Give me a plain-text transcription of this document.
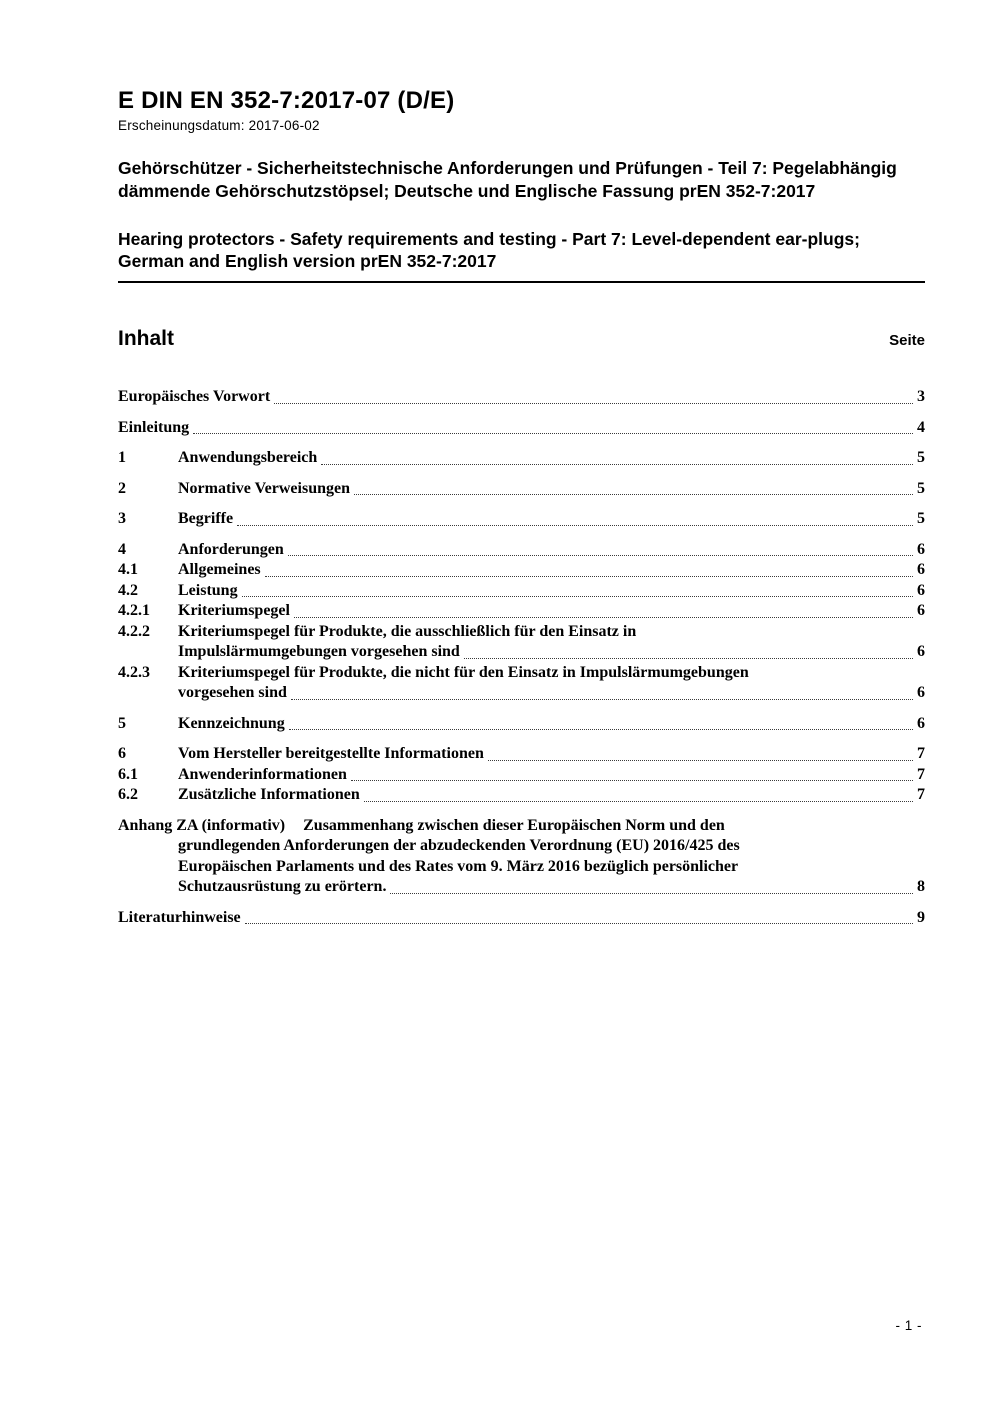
E DIN EN 352-7:2017-07 (D/E)
Erscheinungsdatum: 2017-06-02
Gehörschützer - Sicherheitstechnische Anforderungen und Prüfungen - Teil 7: Pegelabhängig dämmende Gehörschutzstöpsel; Deutsche und Englische Fassung prEN 352-7:2017
Hearing protectors - Safety requirements and testing - Part 7: Level-dependent ear-plugs; German and English version prEN 352-7:2017
Inhalt	Seite
Europäisches Vorwort	3
Einleitung	4
1	Anwendungsbereich	5
2	Normative Verweisungen	5
3	Begriffe	5
4	Anforderungen	6
4.1	Allgemeines	6
4.2	Leistung	6
4.2.1	Kriteriumspegel	6
4.2.2	Kriteriumspegel für Produkte, die ausschließlich für den Einsatz in
Impulslärmumgebungen vorgesehen sind	6
4.2.3	Kriteriumspegel für Produkte, die nicht für den Einsatz in Impulslärmumgebungen
vorgesehen sind	6
5	Kennzeichnung	6
6	Vom Hersteller bereitgestellte Informationen	7
6.1	Anwenderinformationen	7
6.2	Zusätzliche Informationen	7
Anhang ZA (informativ)	Zusammenhang zwischen dieser Europäischen Norm und den
grundlegenden Anforderungen der abzudeckenden Verordnung (EU) 2016/425 des
Europäischen Parlaments und des Rates vom 9. März 2016 bezüglich persönlicher
Schutzausrüstung zu erörtern.	8
Literaturhinweise	9
- 1 -
